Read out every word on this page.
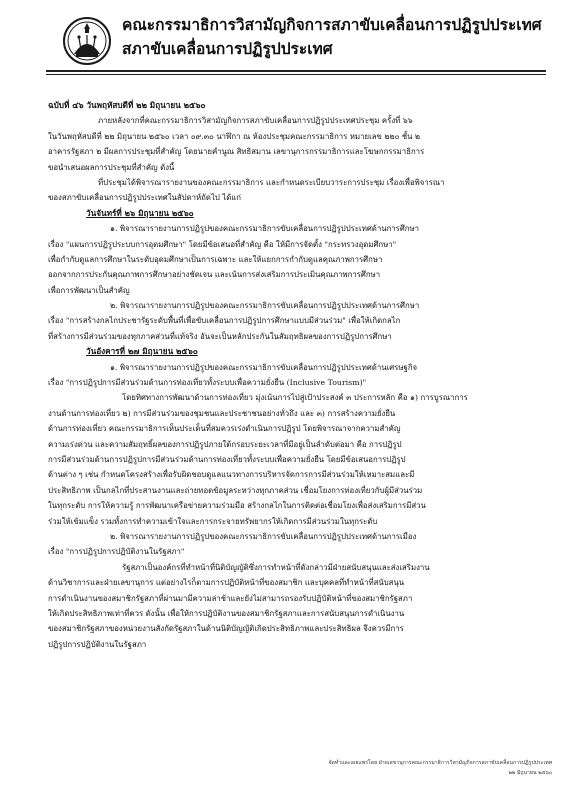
คณะกรรมาธิการวิสามัญกิจการสภาขับเคลื่อนการปฏิรูปประเทศ
สภาขับเคลื่อนการปฏิรูปประเทศ
ฉบับที่ ๔๖ วันพฤหัสบดีที่ ๒๒ มิถุนายน ๒๕๖๐
ภายหลังจากที่คณะกรรมาธิการวิสามัญกิจการสภาขับเคลื่อนการปฏิรูปประเทศประชุม ครั้งที่ ๖๖
ในวันพฤหัสบดีที่ ๒๒ มิถุนายน ๒๕๖๐ เวลา ๐๙.๓๐ นาฬิกา ณ ห้องประชุมคณะกรรมาธิการ หมายเลข ๒๒๐ ชั้น ๒
อาคารรัฐสภา ๒ มีผลการประชุมที่สำคัญ โดยนายคำนูณ สิทธิสมาน เลขานุการกรรมาธิการและโฆษกกรรมาธิการ
ขอนำเสนอผลการประชุมที่สำคัญ ดังนี้
ที่ประชุมได้พิจารณารายงานของคณะกรรมาธิการ และกำหนดระเบียบวาระการประชุม เรื่องเพื่อพิจารณา
ของสภาขับเคลื่อนการปฏิรูปประเทศในสัปดาห์ถัดไป ได้แก่
วันจันทร์ที่ ๒๖ มิถุนายน ๒๕๖๐
๑. พิจารณารายงานการปฏิรูปของคณะกรรมาธิการขับเคลื่อนการปฏิรูปประเทศด้านการศึกษา
เรื่อง "แผนการปฏิรูประบบการอุดมศึกษา" โดยมีข้อเสนอที่สำคัญ คือ ให้มีการจัดตั้ง "กระทรวงอุดมศึกษา"
เพื่อกำกับดูแลการศึกษาในระดับอุดมศึกษาเป็นการเฉพาะ และให้แยกการกำกับดูแลคุณภาพการศึกษา
ออกจากการประกันคุณภาพการศึกษาอย่างชัดเจน และเน้นการส่งเสริมการประเมินคุณภาพการศึกษา
เพื่อการพัฒนาเป็นสำคัญ
๒. พิจารณารายงานการปฏิรูปของคณะกรรมาธิการขับเคลื่อนการปฏิรูปประเทศด้านการศึกษา
เรื่อง "การสร้างกลไกประชารัฐระดับพื้นที่เพื่อขับเคลื่อนการปฏิรูปการศึกษาแบบมีส่วนร่วม" เพื่อให้เกิดกลไก
ที่สร้างการมีส่วนร่วมของทุกภาคส่วนที่แท้จริง อันจะเป็นหลักประกันในสัมฤทธิผลของการปฏิรูปการศึกษา
วันอังคารที่ ๒๗ มิถุนายน ๒๕๖๐
๑. พิจารณารายงานการปฏิรูปของคณะกรรมาธิการขับเคลื่อนการปฏิรูปประเทศด้านเศรษฐกิจ
เรื่อง "การปฏิรูปการมีส่วนร่วมด้านการท่องเที่ยวทั้งระบบเพื่อความยั่งยืน (Inclusive Tourism)"
โดยทิศทางการพัฒนาด้านการท่องเที่ยว มุ่งเน้นการไปสู่เป้าประสงค์ ๓ ประการหลัก คือ ๑) การบูรณาการ
งานด้านการท่องเที่ยว ๒) การมีส่วนร่วมของชุมชนและประชาชนอย่างทั่วถึง และ ๓) การสร้างความยั่งยืน
ด้านการท่องเที่ยว คณะกรรมาธิการเห็นประเด็นที่สมควรเร่งดำเนินการปฏิรูป โดยพิจารณาจากความสำคัญ
ความเร่งด่วน และความสัมฤทธิ์ผลของการปฏิรูปภายใต้กรอบระยะเวลาที่มีอยู่เป็นลำดับต่อมา คือ การปฏิรูป
การมีส่วนร่วมด้านการปฏิรูปการมีส่วนร่วมด้านการท่องเที่ยวทั้งระบบเพื่อความยั่งยืน โดยมีข้อเสนอการปฏิรูป
ด้านต่าง ๆ เช่น กำหนดโครงสร้างเพื่อรับผิดชอบดูแลแนวทางการบริหารจัดการการมีส่วนร่วมให้เหมาะสมและมี
ประสิทธิภาพ เป็นกลไกที่ประสานงานและถ่ายทอดข้อมูลระหว่างทุกภาคส่วน เชื่อมโยงการท่องเที่ยวกับผู้มีส่วนร่วม
ในทุกระดับ การให้ความรู้ การพัฒนาเครือข่ายความร่วมมือ สร้างกลไกในการติดต่อเชื่อมโยงเพื่อส่งเสริมการมีส่วน
ร่วมให้เข้มแข็ง รวมทั้งการทำความเข้าใจและการกระจายทรัพยากรให้เกิดการมีส่วนร่วมในทุกระดับ
๒. พิจารณารายงานการปฏิรูปของคณะกรรมาธิการขับเคลื่อนการปฏิรูปประเทศด้านการเมือง
เรื่อง "การปฏิรูปการปฏิบัติงานในรัฐสภา"
รัฐสภาเป็นองค์กรที่ทำหน้าที่นิติบัญญัติซึ่งการทำหน้าที่ดังกล่าวมีฝ่ายสนับสนุนและส่งเสริมงาน
ด้านวิชาการและฝ่ายเลขานุการ แต่อย่างไรก็ตามการปฏิบัติหน้าที่ของสมาชิก และบุคคลที่ทำหน้าที่สนับสนุน
การดำเนินงานของสมาชิกรัฐสภาที่ผ่านมามีความล่าช้าและยังไม่สามารถรองรับปฏิบัติหน้าที่ของสมาชิกรัฐสภา
ให้เกิดประสิทธิภาพเท่าที่ควร ดังนั้น เพื่อให้การปฏิบัติงานของสมาชิกรัฐสภาและการสนับสนุนการดำเนินงาน
ของสมาชิกรัฐสภาของหน่วยงานสังกัดรัฐสภาในด้านนิติบัญญัติเกิดประสิทธิภาพและประสิทธิผล จึงควรมีการ
ปฏิรูปการปฏิบัติงานในรัฐสภา
จัดทำและเผยแพร่โดย ฝ่ายเลขานุการคณะกรรมาธิการวิสามัญกิจการสภาขับเคลื่อนการปฏิรูปประเทศ
๒๒ มิถุนายน ๒๕๖๐
